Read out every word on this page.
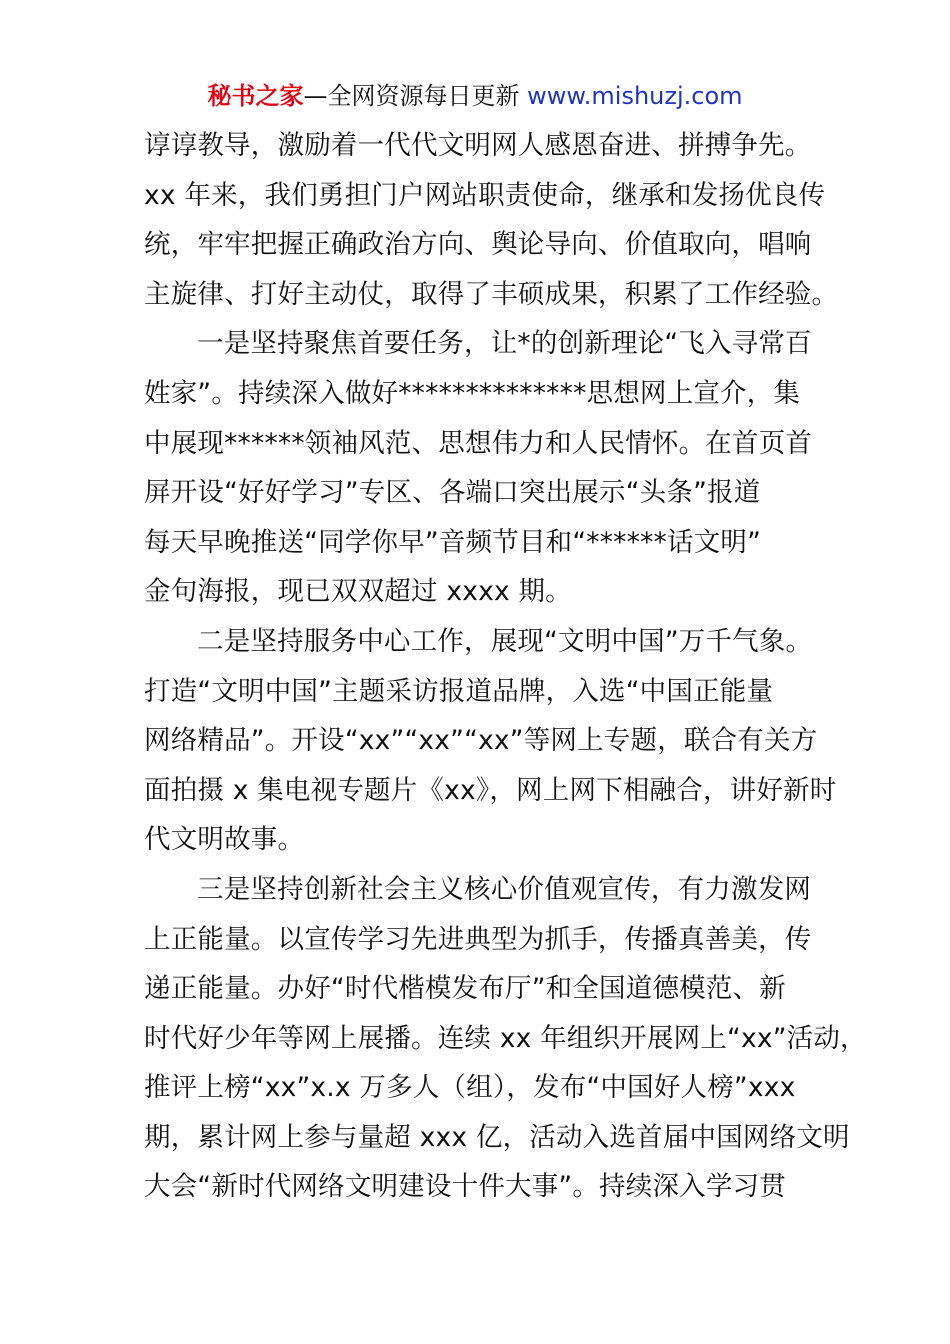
秘书之家—全网资源每日更新 www.mishuzj.com
谆谆教导，激励着一代代文明网人感恩奋进、拼搏争先。
xx 年来，我们勇担门户网站职责使命，继承和发扬优良传
统，牢牢把握正确政治方向、舆论导向、价值取向，唱响
主旋律、打好主动仗，取得了丰硕成果，积累了工作经验。
一是坚持聚焦首要任务，让*的创新理论“飞入寻常百
姓家”。持续深入做好**************思想网上宣介，集
中展现******领袖风范、思想伟力和人民情怀。在首页首
屏开设“好好学习”专区、各端口突出展示“头条”报道
每天早晚推送“同学你早”音频节目和“******话文明”
金句海报，现已双双超过 xxxx 期。
二是坚持服务中心工作，展现“文明中国”万千气象。
打造“文明中国”主题采访报道品牌，入选“中国正能量
网络精品”。开设“xx”“xx”“xx”等网上专题，联合有关方
面拍摄 x 集电视专题片《xx》，网上网下相融合，讲好新时
代文明故事。
三是坚持创新社会主义核心价值观宣传，有力激发网
上正能量。以宣传学习先进典型为抓手，传播真善美，传
递正能量。办好“时代楷模发布厅”和全国道德模范、新
时代好少年等网上展播。连续 xx 年组织开展网上“xx”活动，
推评上榜“xx”x.x 万多人（组），发布“中国好人榜”xxx
期，累计网上参与量超 xxx 亿，活动入选首届中国网络文明
大会“新时代网络文明建设十件大事”。持续深入学习贯
